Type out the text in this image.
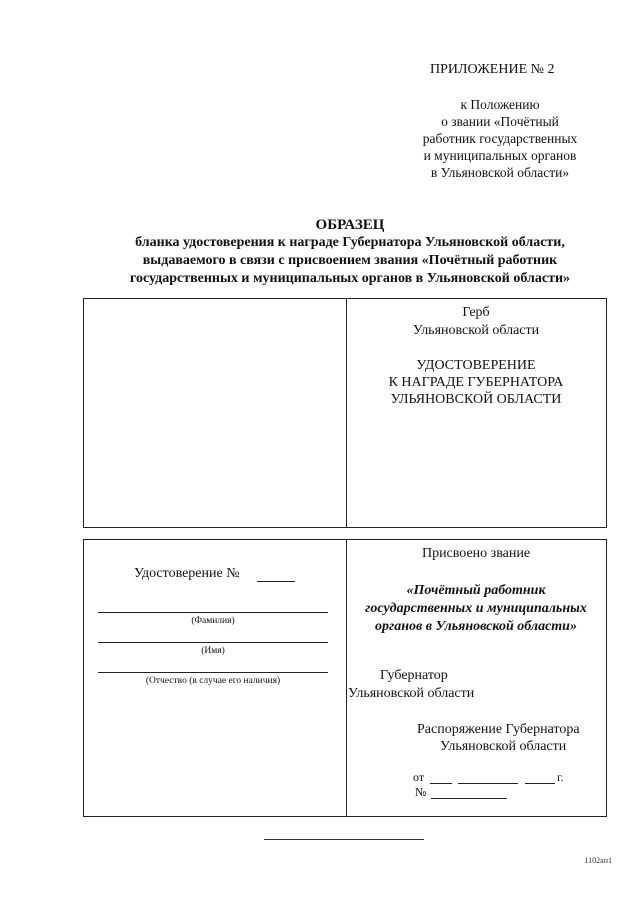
ПРИЛОЖЕНИЕ № 2
к Положению
о звании «Почётный
работник государственных
и муниципальных органов
в Ульяновской области»
ОБРАЗЕЦ
бланка удостоверения к награде Губернатора Ульяновской области,
выдаваемого в связи с присвоением звания «Почётный работник
государственных и муниципальных органов в Ульяновской области»
Герб
Ульяновской области
УДОСТОВЕРЕНИЕ
К НАГРАДЕ ГУБЕРНАТОРА
УЛЬЯНОВСКОЙ ОБЛАСТИ
Удостоверение №
(Фамилия)
(Имя)
(Отчество (в случае его наличия)
Присвоено звание
«Почётный работник
государственных и муниципальных
органов в Ульяновской области»
Губернатор
Ульяновской области
Распоряжение Губернатора
Ульяновской области
от	г.
№
1102ан1
